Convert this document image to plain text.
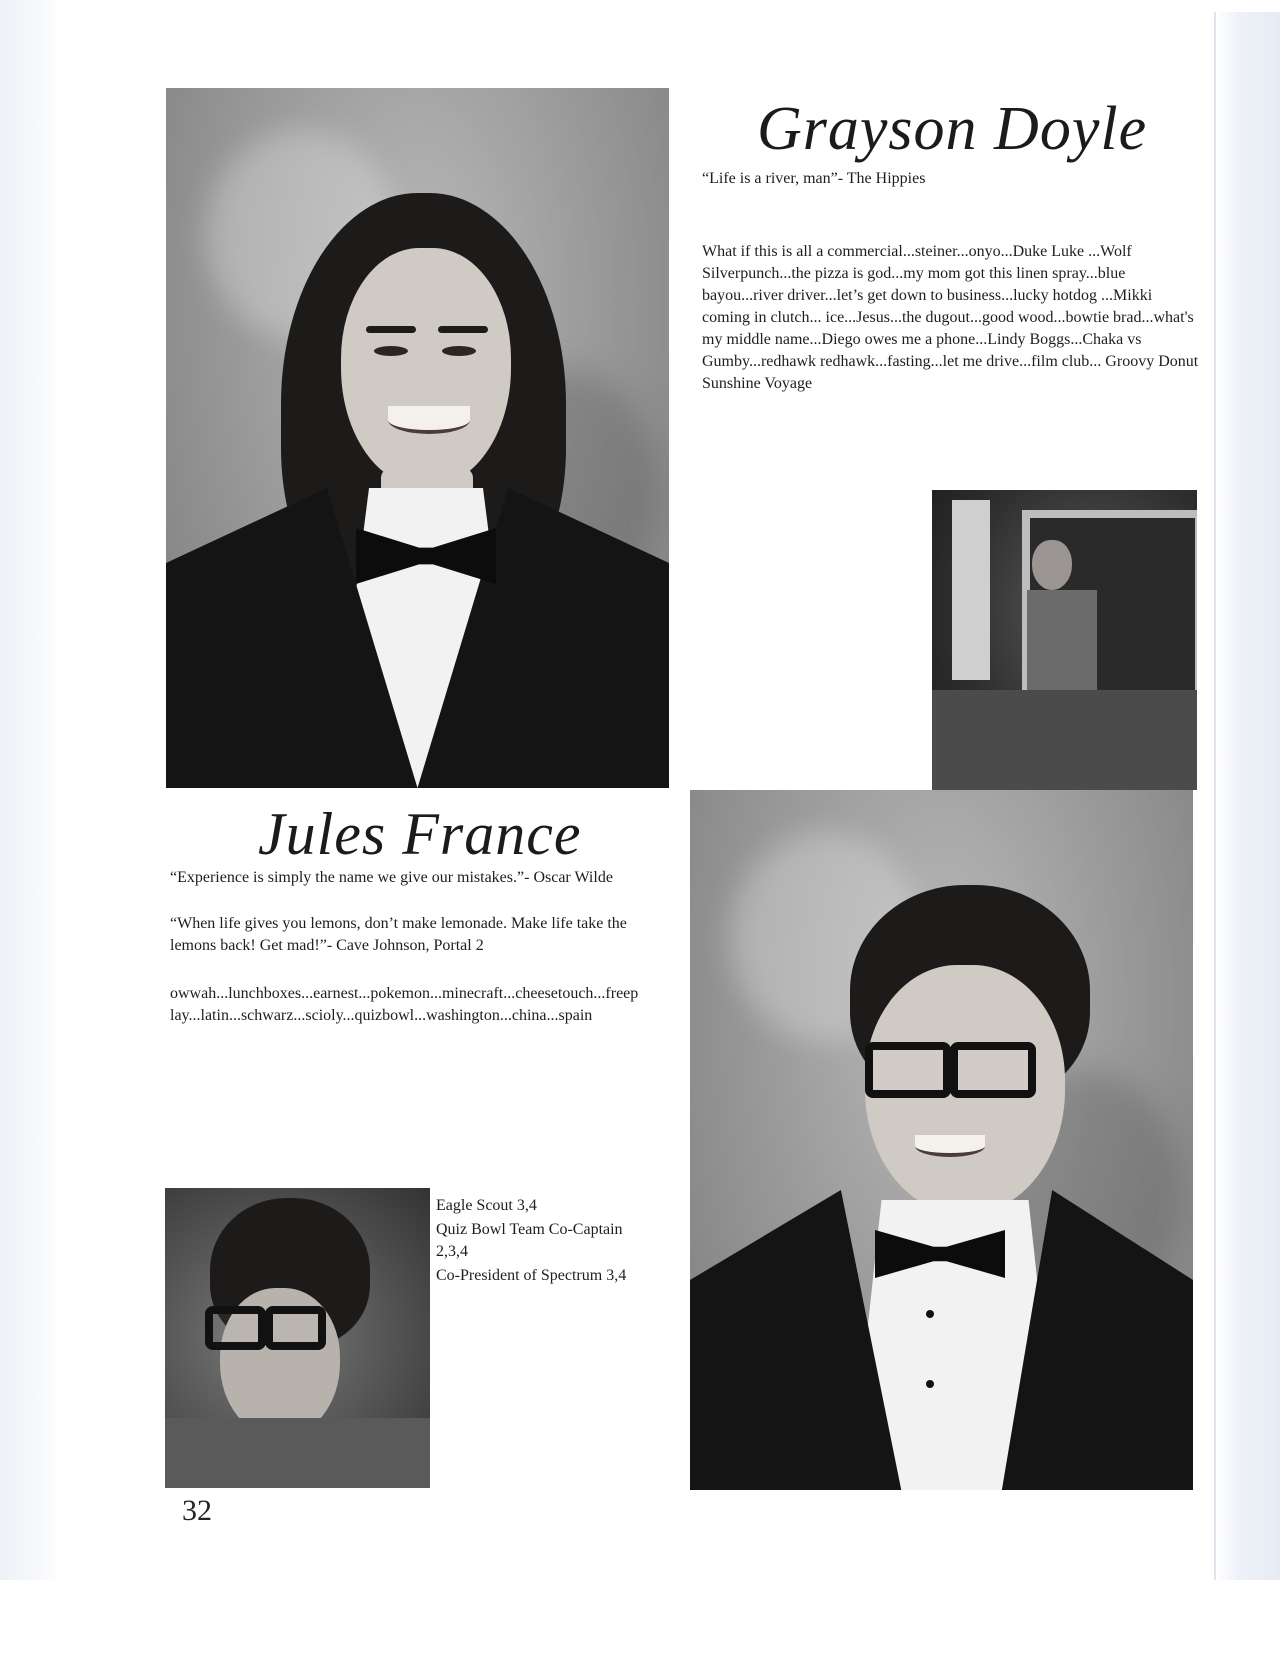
Grayson Doyle
“Life is a river, man”- The Hippies
What if this is all a commercial...steiner...onyo...Duke Luke ...Wolf Silverpunch...the pizza is god...my mom got this linen spray...blue bayou...river driver...let’s get down to business...lucky hotdog ...Mikki coming in clutch... ice...Jesus...the dugout...good wood...bowtie brad...what's my middle name...Diego owes me a phone...Lindy Boggs...Chaka vs Gumby...redhawk redhawk...fasting...let me drive...film club... Groovy Donut Sunshine Voyage
Jules France
“Experience is simply the name we give our mistakes.”- Oscar Wilde
“When life gives you lemons, don’t make lemonade. Make life take the lemons back! Get mad!”- Cave Johnson, Portal 2
owwah...lunchboxes...earnest...pokemon...minecraft...cheesetouch...freep lay...latin...schwarz...scioly...quizbowl...washington...china...spain
Eagle Scout 3,4
Quiz Bowl Team Co-Captain 2,3,4
Co-President of Spectrum 3,4
32
